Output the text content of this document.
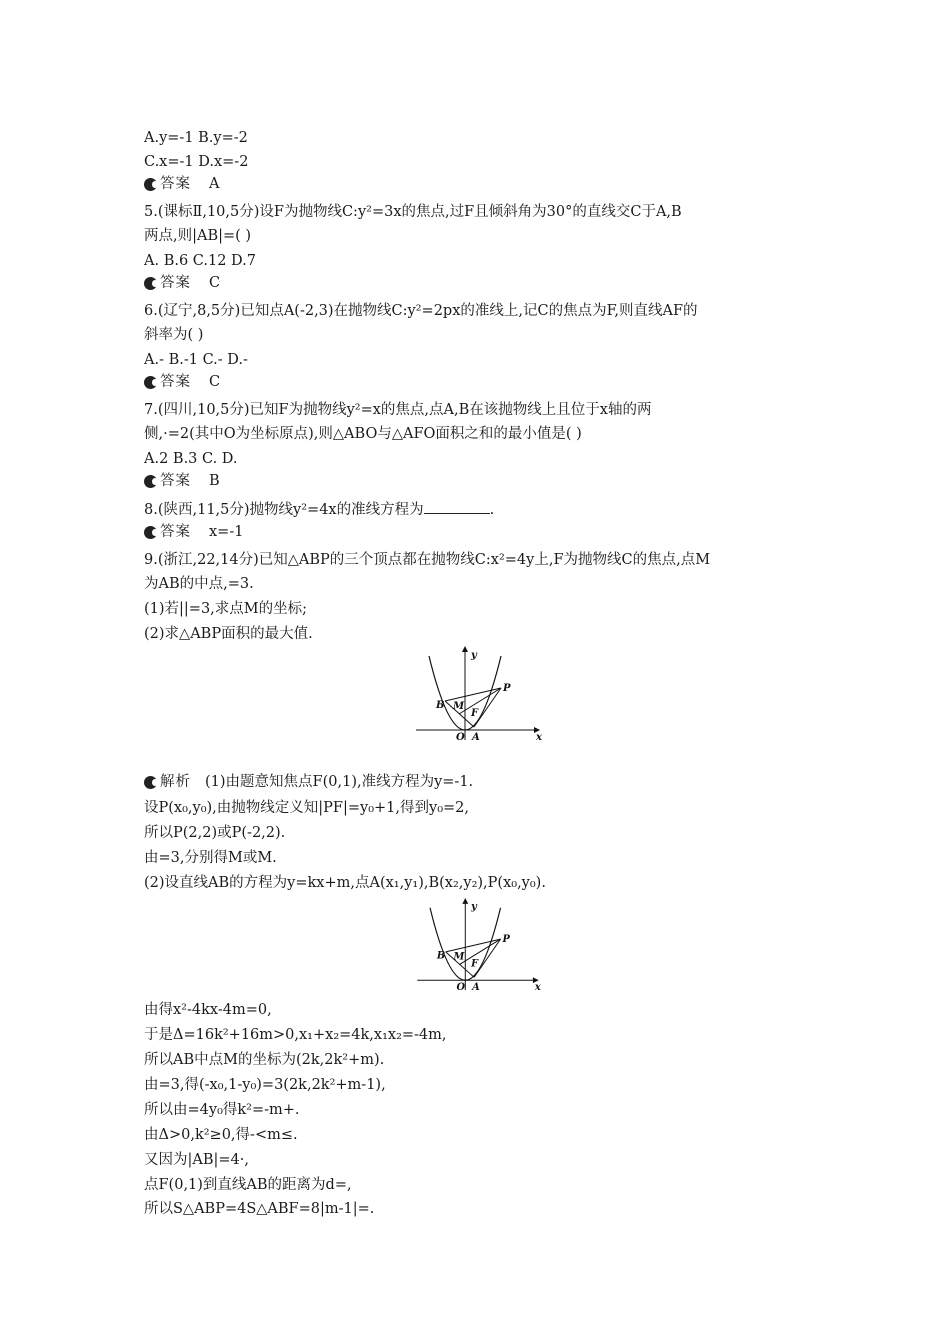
A.y=-1 B.y=-2
C.x=-1 D.x=-2
答案 A
5.(课标Ⅱ,10,5分)设F为抛物线C:y²=3x的焦点,过F且倾斜角为30°的直线交C于A,B
两点,则|AB|=( )
A. B.6 C.12 D.7
答案 C
6.(辽宁,8,5分)已知点A(-2,3)在抛物线C:y²=2px的准线上,记C的焦点为F,则直线AF的
斜率为( )
A.- B.-1 C.- D.-
答案 C
7.(四川,10,5分)已知F为抛物线y²=x的焦点,点A,B在该抛物线上且位于x轴的两
侧,·=2(其中O为坐标原点),则△ABO与△AFO面积之和的最小值是( )
A.2 B.3 C. D.
答案 B
8.(陕西,11,5分)抛物线y²=4x的准线方程为	.
答案 x=-1
9.(浙江,22,14分)已知△ABP的三个顶点都在抛物线C:x²=4y上,F为抛物线C的焦点,点M
为AB的中点,=3.
(1)若||=3,求点M的坐标;
(2)求△ABP面积的最大值.
y
P
B M
F
O A	x
解析 (1)由题意知焦点F(0,1),准线方程为y=-1.
设P(x₀,y₀),由抛物线定义知|PF|=y₀+1,得到y₀=2,
所以P(2,2)或P(-2,2).
由=3,分别得M或M.
(2)设直线AB的方程为y=kx+m,点A(x₁,y₁),B(x₂,y₂),P(x₀,y₀).
y
P
B M
F
O A	x
由得x²-4kx-4m=0,
于是Δ=16k²+16m>0,x₁+x₂=4k,x₁x₂=-4m,
所以AB中点M的坐标为(2k,2k²+m).
由=3,得(-x₀,1-y₀)=3(2k,2k²+m-1),
所以由=4y₀得k²=-m+.
由Δ>0,k²≥0,得-<m≤.
又因为|AB|=4·,
点F(0,1)到直线AB的距离为d=,
所以S△ABP=4S△ABF=8|m-1|=.
